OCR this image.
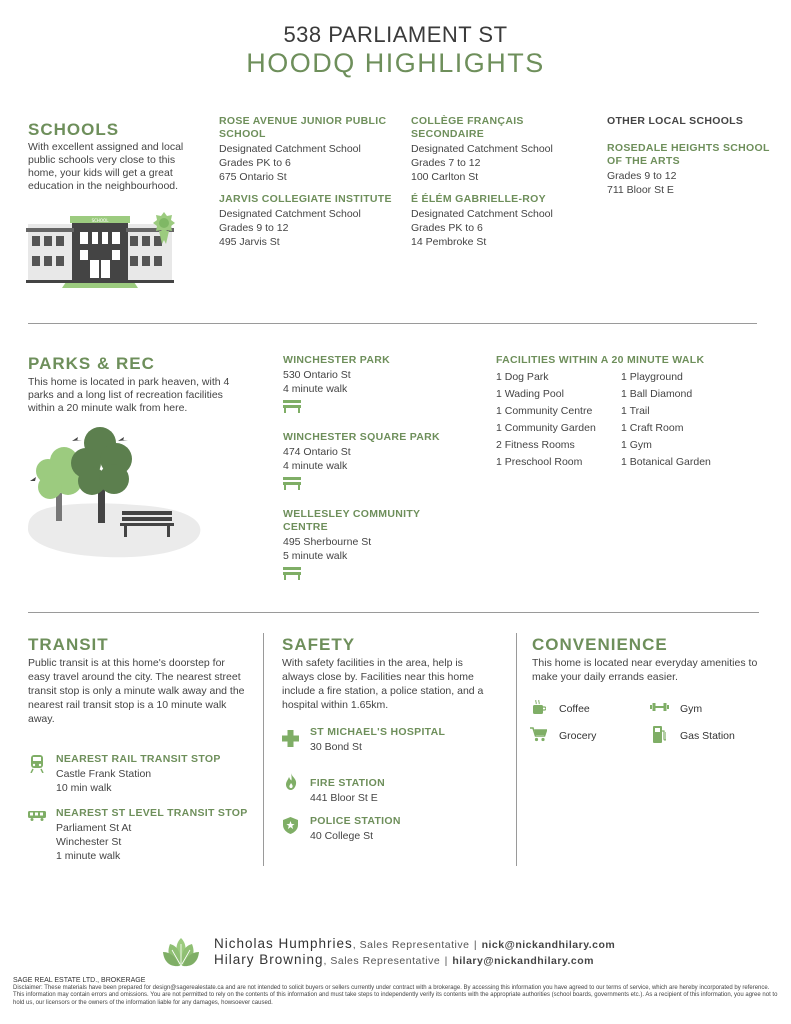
538 PARLIAMENT ST
HOODQ HIGHLIGHTS
SCHOOLS
With excellent assigned and local public schools very close to this home, your kids will get a great education in the neighbourhood.
SCHOOL
ROSE AVENUE JUNIOR PUBLIC SCHOOL
Designated Catchment School
Grades PK to 6
675 Ontario St
JARVIS COLLEGIATE INSTITUTE
Designated Catchment School
Grades 9 to 12
495 Jarvis St
COLLÈGE FRANÇAIS SECONDAIRE
Designated Catchment School
Grades 7 to 12
100 Carlton St
É ÉLÉM GABRIELLE-ROY
Designated Catchment School
Grades PK to 6
14 Pembroke St
OTHER LOCAL SCHOOLS
ROSEDALE HEIGHTS SCHOOL OF THE ARTS
Grades 9 to 12
711 Bloor St E
PARKS & REC
This home is located in park heaven, with 4 parks and a long list of recreation facilities within a 20 minute walk from here.
WINCHESTER PARK
530 Ontario St
4 minute walk
WINCHESTER SQUARE PARK
474 Ontario St
4 minute walk
WELLESLEY COMMUNITY CENTRE
495 Sherbourne St
5 minute walk
FACILITIES WITHIN A 20 MINUTE WALK
1 Dog Park
1 Wading Pool
1 Community Centre
1 Community Garden
2 Fitness Rooms
1 Preschool Room
1 Playground
1 Ball Diamond
1 Trail
1 Craft Room
1 Gym
1 Botanical Garden
TRANSIT
Public transit is at this home's doorstep for easy travel around the city. The nearest street transit stop is only a minute walk away and the nearest rail transit stop is a 10 minute walk away.
NEAREST RAIL TRANSIT STOP
Castle Frank Station
10 min walk
NEAREST ST LEVEL TRANSIT STOP
Parliament St At
Winchester St
1 minute walk
SAFETY
With safety facilities in the area, help is always close by. Facilities near this home include a fire station, a police station, and a hospital within 1.65km.
ST MICHAEL'S HOSPITAL
30 Bond St
FIRE STATION
441 Bloor St E
POLICE STATION
40 College St
CONVENIENCE
This home is located near everyday amenities to make your daily errands easier.
Coffee	Gym
Grocery	Gas Station
Nicholas Humphries, Sales Representative | nick@nickandhilary.com
Hilary Browning, Sales Representative | hilary@nickandhilary.com
SAGE REAL ESTATE LTD., BROKERAGE
Disclaimer: These materials have been prepared for design@sagerealestate.ca and are not intended to solicit buyers or sellers currently under contract with a brokerage. By accessing this information you have agreed to our terms of service, which are hereby incorporated by reference. This information may contain errors and omissions. You are not permitted to rely on the contents of this information and must take steps to independently verify its contents with the appropriate authorities (school boards, governments etc.). As a recipient of this information, you agree not to hold us, our licensors or the owners of the information liable for any damages, howsoever caused.
